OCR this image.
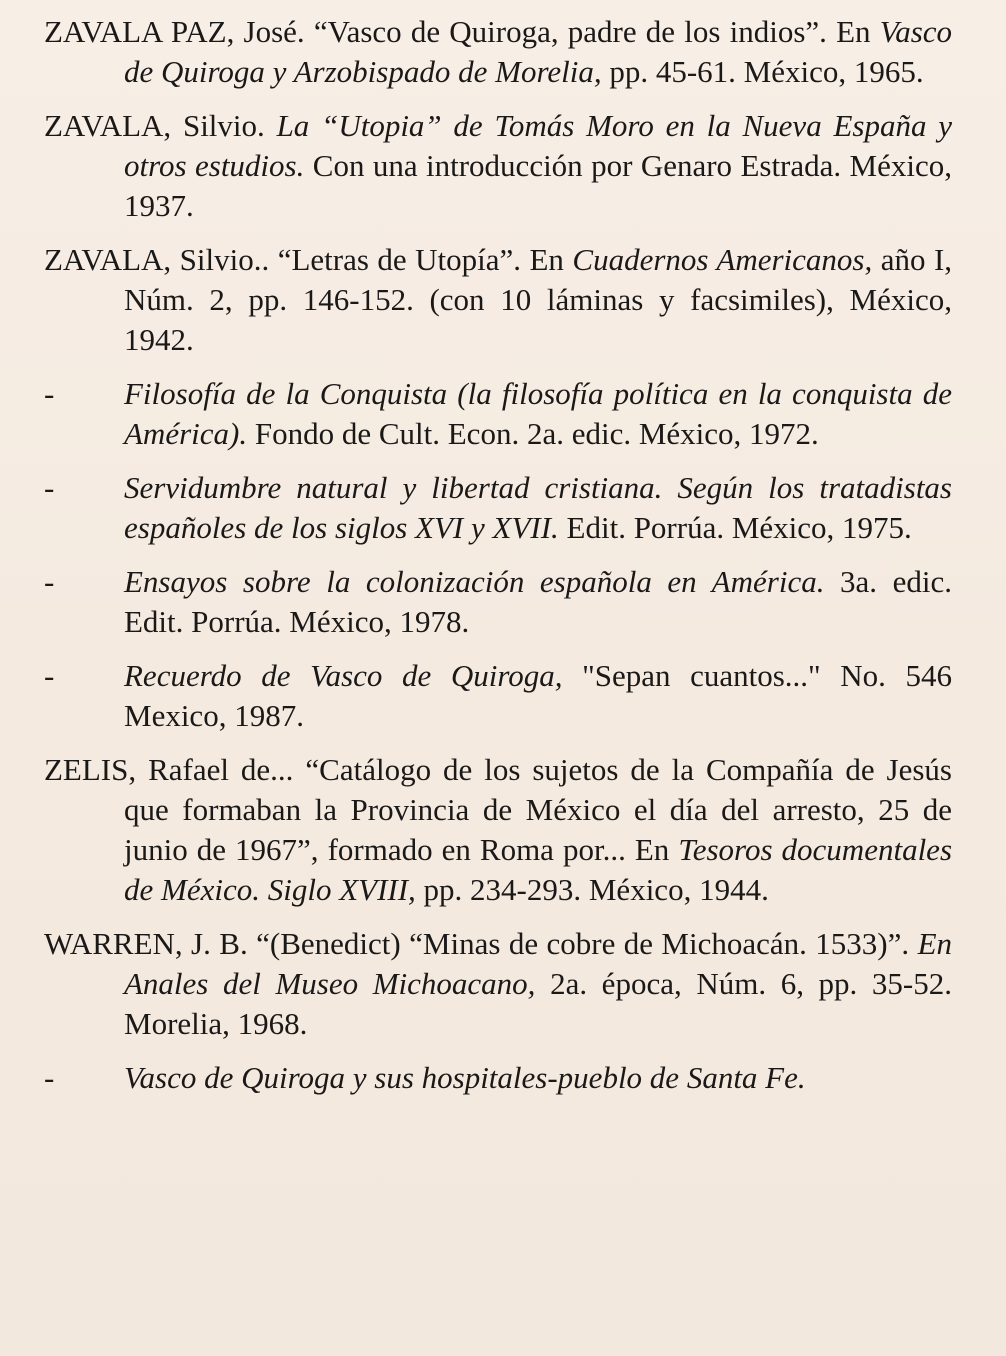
ZAVALA PAZ, José. “Vasco de Quiroga, padre de los indios”. En Vasco de Quiroga y Arzobispado de Morelia, pp. 45-61. México, 1965.

ZAVALA, Silvio. La “Utopia” de Tomás Moro en la Nueva España y otros estudios. Con una introducción por Genaro Estrada. México, 1937.

ZAVALA, Silvio.. “Letras de Utopía”. En Cuadernos Americanos, año I, Núm. 2, pp. 146-152. (con 10 láminas y facsimiles), México, 1942.

-	Filosofía de la Conquista (la filosofía política en la conquista de América). Fondo de Cult. Econ. 2a. edic. México, 1972.

-	Servidumbre natural y libertad cristiana. Según los tratadistas españoles de los siglos XVI y XVII. Edit. Porrúa. México, 1975.

-	Ensayos sobre la colonización española en América. 3a. edic. Edit. Porrúa. México, 1978.

-	Recuerdo de Vasco de Quiroga, "Sepan cuantos..." No. 546 Mexico, 1987.

ZELIS, Rafael de... “Catálogo de los sujetos de la Compañía de Jesús que formaban la Provincia de México el día del arresto, 25 de junio de 1967”, formado en Roma por... En Tesoros documentales de México. Siglo XVIII, pp. 234-293. México, 1944.

WARREN, J. B. “(Benedict) “Minas de cobre de Michoacán. 1533)”. En Anales del Museo Michoacano, 2a. época, Núm. 6, pp. 35-52. Morelia, 1968.

-	Vasco de Quiroga y sus hospitales-pueblo de Santa Fe.
